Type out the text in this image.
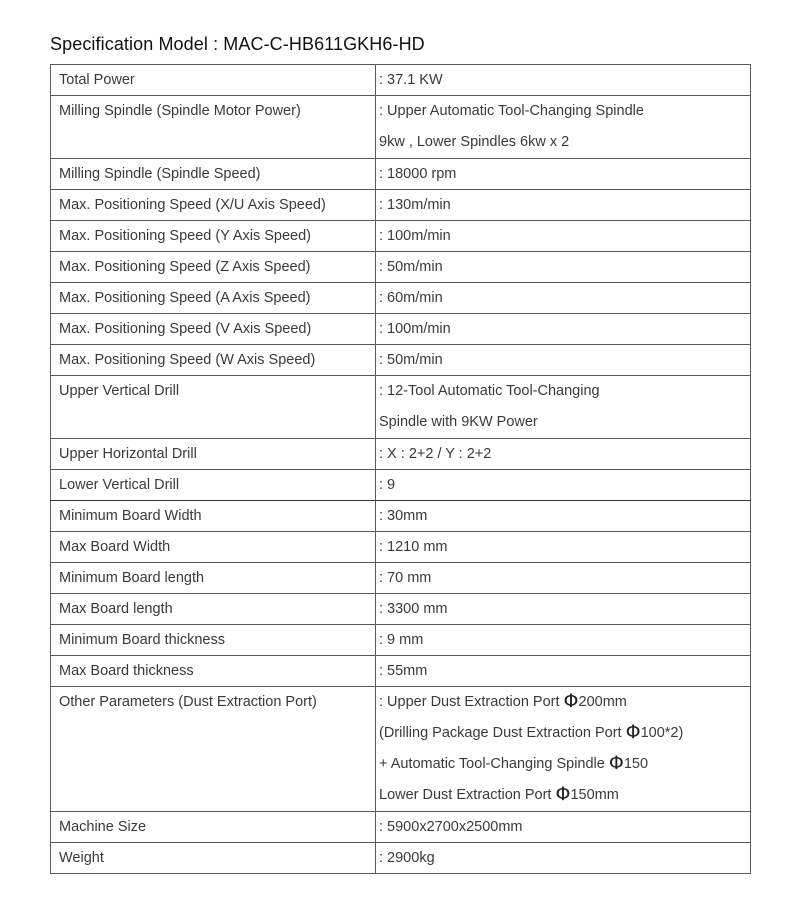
Specification Model : MAC-C-HB611GKH6-HD
Total Power	: 37.1 KW

Milling Spindle (Spindle Motor Power)	: Upper Automatic Tool-Changing Spindle
9kw , Lower Spindles 6kw x 2

Milling Spindle (Spindle Speed)	: 18000 rpm

Max. Positioning Speed (X/U Axis Speed)	: 130m/min

Max. Positioning Speed (Y Axis Speed)	: 100m/min

Max. Positioning Speed (Z Axis Speed)	: 50m/min

Max. Positioning Speed (A Axis Speed)	: 60m/min

Max. Positioning Speed (V Axis Speed)	: 100m/min

Max. Positioning Speed (W Axis Speed)	: 50m/min

Upper Vertical Drill	: 12-Tool Automatic Tool-Changing
Spindle with 9KW Power

Upper Horizontal Drill	: X : 2+2 / Y : 2+2

Lower Vertical Drill	: 9

Minimum Board Width	: 30mm

Max Board Width	: 1210 mm

Minimum Board length	: 70 mm

Max Board length	: 3300 mm

Minimum Board thickness	: 9 mm

Max Board thickness	: 55mm

Other Parameters (Dust Extraction Port)	: Upper Dust Extraction Port Φ200mm
(Drilling Package Dust Extraction Port Φ100*2)
+ Automatic Tool-Changing Spindle Φ150
Lower Dust Extraction Port Φ150mm

Machine Size	: 5900x2700x2500mm

Weight	: 2900kg
